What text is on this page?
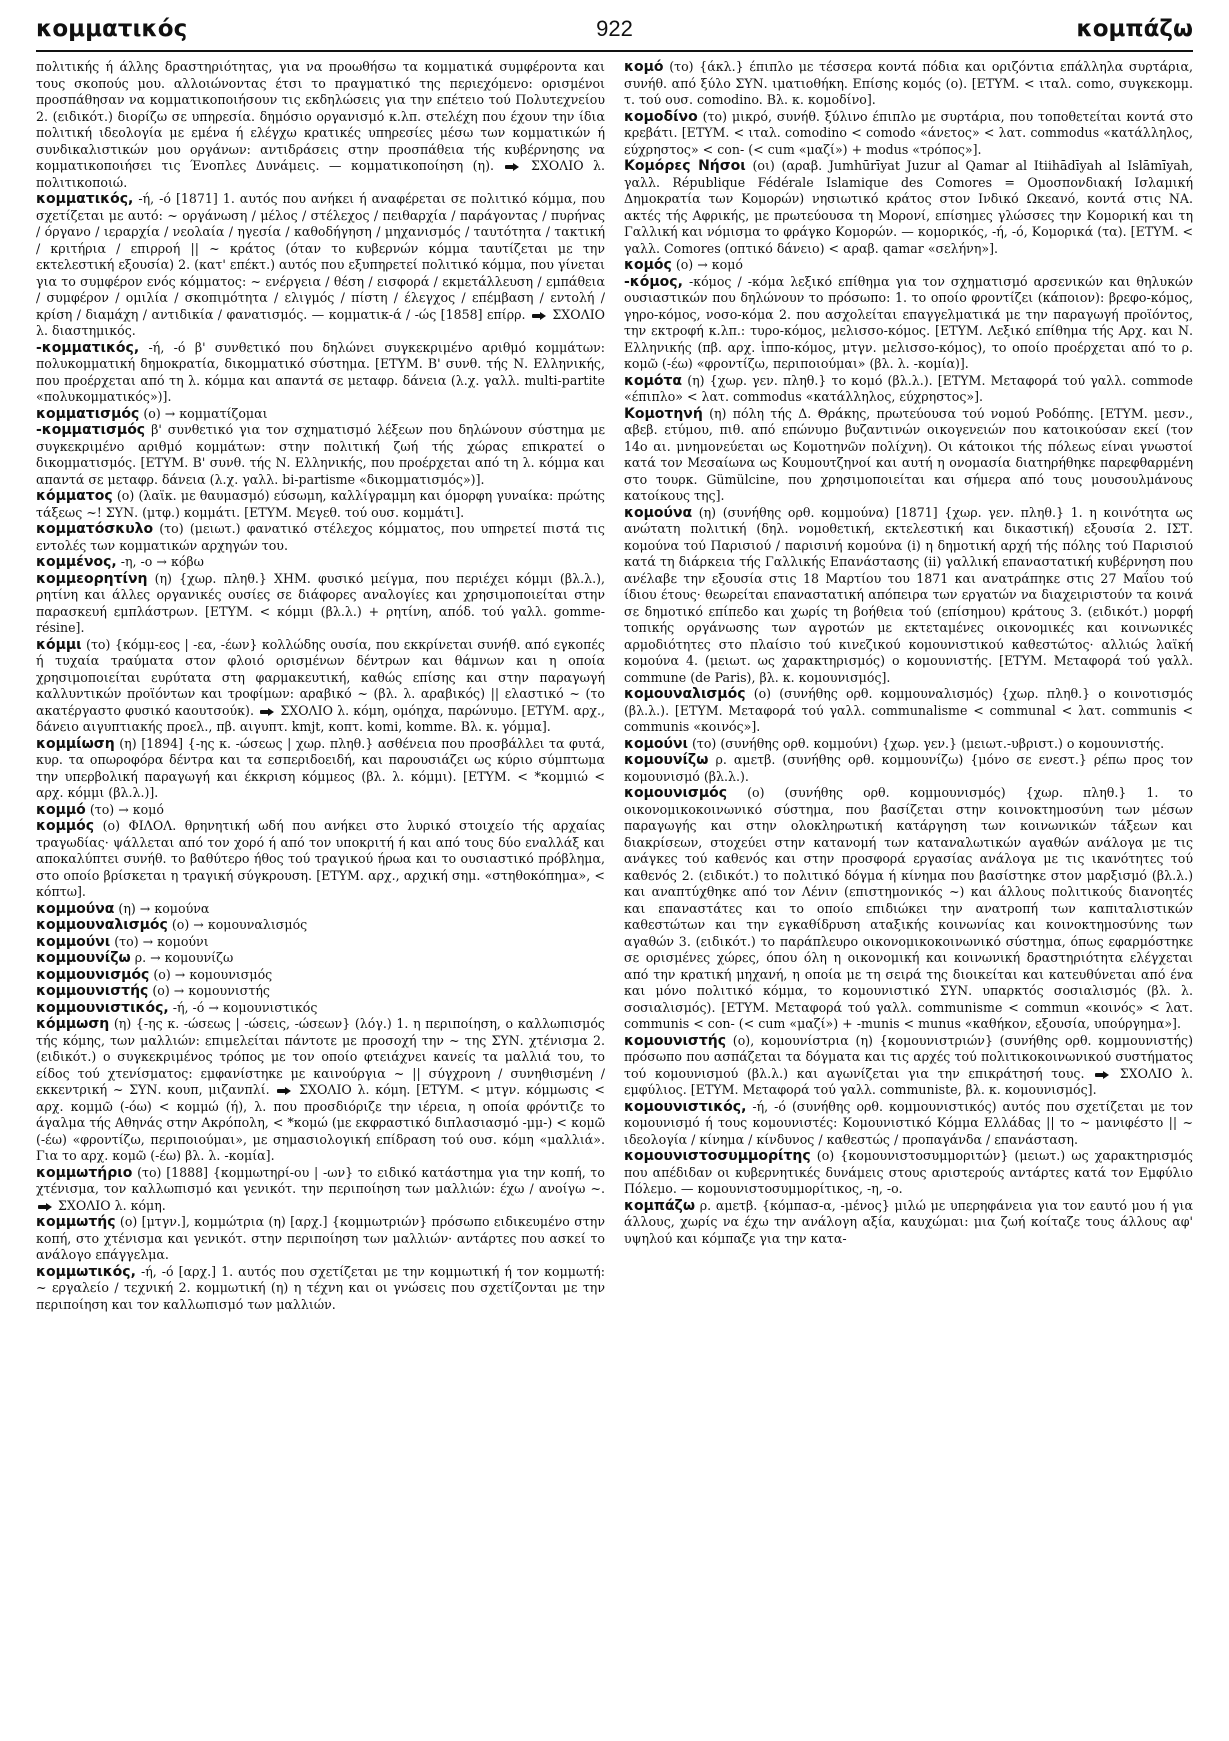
922
κομματικός	κομπάζω

πολιτικής ή άλλης δραστηριότητας, για να προωθήσω τα κομματικά συμφέροντα και τους σκοπούς μου. αλλοιώνοντας έτσι το πραγματικό της περιεχόμενο: ορισμένοι προσπάθησαν να κομματικοποιήσουν τις εκδηλώσεις για την επέτειο τού Πολυτεχνείου 2. (ειδικότ.) διορίζω σε υπηρεσία. δημόσιο οργανισμό κ.λπ. στελέχη που έχουν την ίδια πολιτική ιδεολογία με εμένα ή ελέγχω κρατικές υπηρεσίες μέσω των κομματικών ή συνδικαλιστικών μου οργάνων: αντιδράσεις στην προσπάθεια τής κυβέρνησης να κομματικοποιήσει τις Ένοπλες Δυνάμεις. — κομματικοποίηση (η).  ΣΧΟΛΙΟ λ. πολιτικοποιώ.

κομματικός, -ή, -ό [1871] 1. αυτός που ανήκει ή αναφέρεται σε πολιτικό κόμμα, που σχετίζεται με αυτό: ~ οργάνωση / μέλος / στέλεχος / πειθαρχία / παράγοντας / πυρήνας / όργανο / ιεραρχία / νεολαία / ηγεσία / καθοδήγηση / μηχανισμός / ταυτότητα / τακτική / κριτήρια / επιρροή || ~ κράτος (όταν το κυβερνών κόμμα ταυτίζεται με την εκτελεστική εξουσία) 2. (κατ' επέκτ.) αυτός που εξυπηρετεί πολιτικό κόμμα, που γίνεται για το συμφέρον ενός κόμματος: ~ ενέργεια / θέση / εισφορά / εκμετάλλευση / εμπάθεια / συμφέρον / ομιλία / σκοπιμότητα / ελιγμός / πίστη / έλεγχος / επέμβαση / εντολή / κρίση / διαμάχη / αντιδικία / φανατισμός. — κομματικ-ά / -ώς [1858] επίρρ.  ΣΧΟΛΙΟ λ. διαστημικός.

-κομματικός, -ή, -ό β' συνθετικό που δηλώνει συγκεκριμένο αριθμό κομμάτων: πολυκομματική δημοκρατία, δικομματικό σύστημα. [ΕΤΥΜ. Β' συνθ. τής Ν. Ελληνικής, που προέρχεται από τη λ. κόμμα και απαντά σε μεταφρ. δάνεια (λ.χ. γαλλ. multi-partite «πολυκομματικός»)].

κομματισμός (ο) → κομματίζομαι

-κομματισμός β' συνθετικό για τον σχηματισμό λέξεων που δηλώνουν σύστημα με συγκεκριμένο αριθμό κομμάτων: στην πολιτική ζωή τής χώρας επικρατεί ο δικομματισμός. [ΕΤΥΜ. Β' συνθ. τής Ν. Ελληνικής, που προέρχεται από τη λ. κόμμα και απαντά σε μεταφρ. δάνεια (λ.χ. γαλλ. bi-partisme «δικομματισμός»)].

κόμματος (ο) (λαϊκ. με θαυμασμό) εύσωμη, καλλίγραμμη και όμορφη γυναίκα: πρώτης τάξεως ~! ΣΥΝ. (μτφ.) κομμάτι. [ΕΤΥΜ. Μεγεθ. τού ουσ. κομμάτι].

κομματόσκυλο (το) (μειωτ.) φανατικό στέλεχος κόμματος, που υπηρετεί πιστά τις εντολές των κομματικών αρχηγών του.

κομμένος, -η, -ο → κόβω

κομμεορητίνη (η) {χωρ. πληθ.} ΧΗΜ. φυσικό μείγμα, που περιέχει κόμμι (βλ.λ.), ρητίνη και άλλες οργανικές ουσίες σε διάφορες αναλογίες και χρησιμοποιείται στην παρασκευή εμπλάστρων. [ΕΤΥΜ. < κόμμι (βλ.λ.) + ρητίνη, απόδ. τού γαλλ. gomme-résine].

κόμμι (το) {κόμμ-εος | -εα, -έων} κολλώδης ουσία, που εκκρίνεται συνήθ. από εγκοπές ή τυχαία τραύματα στον φλοιό ορισμένων δέντρων και θάμνων και η οποία χρησιμοποιείται ευρύτατα στη φαρμακευτική, καθώς επίσης και στην παραγωγή καλλυντικών προϊόντων και τροφίμων: αραβικό ~ (βλ. λ. αραβικός) || ελαστικό ~ (το ακατέργαστο φυσικό καουτσούκ).  ΣΧΟΛΙΟ λ. κόμη, ομόηχα, παρώνυμο. [ΕΤΥΜ. αρχ., δάνειο αιγυπτιακής προελ., πβ. αιγυπτ. kmjt, κοπτ. komi, komme. Βλ. κ. γόμμα].

κομμίωση (η) [1894] {-ης κ. -ώσεως | χωρ. πληθ.} ασθένεια που προσβάλλει τα φυτά, κυρ. τα οπωροφόρα δέντρα και τα εσπεριδοειδή, και παρουσιάζει ως κύριο σύμπτωμα την υπερβολική παραγωγή και έκκριση κόμμεος (βλ. λ. κόμμι). [ΕΤΥΜ. < *κομμιώ < αρχ. κόμμι (βλ.λ.)].

κομμό (το) → κομό

κομμός (ο) ΦΙΛΟΛ. θρηνητική ωδή που ανήκει στο λυρικό στοιχείο τής αρχαίας τραγωδίας· ψάλλεται από τον χορό ή από τον υποκριτή ή και από τους δύο εναλλάξ και αποκαλύπτει συνήθ. το βαθύτερο ήθος τού τραγικού ήρωα και το ουσιαστικό πρόβλημα, στο οποίο βρίσκεται η τραγική σύγκρουση. [ΕΤΥΜ. αρχ., αρχική σημ. «στηθοκόπημα», < κόπτω].

κομμούνα (η) → κομούνα

κομμουναλισμός (ο) → κομουναλισμός

κομμούνι (το) → κομούνι

κομμουνίζω ρ. → κομουνίζω

κομμουνισμός (ο) → κομουνισμός

κομμουνιστής (ο) → κομουνιστής

κομμουνιστικός, -ή, -ό → κομουνιστικός

κόμμωση (η) {-ης κ. -ώσεως | -ώσεις, -ώσεων} (λόγ.) 1. η περιποίηση, ο καλλωπισμός τής κόμης, των μαλλιών: επιμελείται πάντοτε με προσοχή την ~ της ΣΥΝ. χτένισμα 2. (ειδικότ.) ο συγκεκριμένος τρόπος με τον οποίο φτειάχνει κανείς τα μαλλιά του, το είδος τού χτενίσματος: εμφανίστηκε με καινούργια ~ || σύγχρονη / συνηθισμένη / εκκεντρική ~ ΣΥΝ. κουπ, μιζανπλί.  ΣΧΟΛΙΟ λ. κόμη. [ΕΤΥΜ. < μτγν. κόμμωσις < αρχ. κομμῶ (-όω) < κομμώ (ή), λ. που προσδιόριζε την ιέρεια, η οποία φρόντιζε το άγαλμα τής Αθηνάς στην Ακρόπολη, < *κομώ (με εκφραστικό διπλασιασμό -μμ-) < κομῶ (-έω) «φροντίζω, περιποιούμαι», με σημασιολογική επίδραση τού ουσ. κόμη «μαλλιά». Για το αρχ. κομῶ (-έω) βλ. λ. -κομία].

κομμωτήριο (το) [1888] {κομμωτηρί-ου | -ων} το ειδικό κατάστημα για την κοπή, το χτένισμα, τον καλλωπισμό και γενικότ. την περιποίηση των μαλλιών: έχω / ανοίγω ~.  ΣΧΟΛΙΟ λ. κόμη.

κομμωτής (ο) [μτγν.], κομμώτρια (η) [αρχ.] {κομμωτριών} πρόσωπο ειδικευμένο στην κοπή, στο χτένισμα και γενικότ. στην περιποίηση των μαλλιών· αντάρτες που ασκεί το ανάλογο επάγγελμα.

κομμωτικός, -ή, -ό [αρχ.] 1. αυτός που σχετίζεται με την κομμωτική ή τον κομμωτή: ~ εργαλείο / τεχνική 2. κομμωτική (η) η τέχνη και οι γνώσεις που σχετίζονται με την περιποίηση και τον καλλωπισμό των μαλλιών.

κομό (το) {άκλ.} έπιπλο με τέσσερα κοντά πόδια και οριζόντια επάλληλα συρτάρια, συνήθ. από ξύλο ΣΥΝ. ιματιοθήκη. Επίσης κομός (ο). [ΕΤΥΜ. < ιταλ. como, συγκεκομμ. τ. τού ουσ. comodino. Βλ. κ. κομοδίνο].

κομοδίνο (το) μικρό, συνήθ. ξύλινο έπιπλο με συρτάρια, που τοποθετείται κοντά στο κρεβάτι. [ΕΤΥΜ. < ιταλ. comodino < comodo «άνετος» < λατ. commodus «κατάλληλος, εύχρηστος» < con- (< cum «μαζί») + modus «τρόπος»].

Κομόρες Νήσοι (οι) (αραβ. Jumhūrīyat Juzur al Qamar al Itiihādīyah al Islāmīyah, γαλλ. République Fédérale Islamique des Comores = Ομοσπονδιακή Ισλαμική Δημοκρατία των Κομορών) νησιωτικό κράτος στον Ινδικό Ωκεανό, κοντά στις ΝΑ. ακτές τής Αφρικής, με πρωτεύουσα τη Μορονί, επίσημες γλώσσες την Κομορική και τη Γαλλική και νόμισμα το φράγκο Κομορών. — κομορικός, -ή, -ό, Κομορικά (τα). [ΕΤΥΜ. < γαλλ. Comores (οπτικό δάνειο) < αραβ. qamar «σελήνη»].

κομός (ο) → κομό

-κόμος, -κόμος / -κόμα λεξικό επίθημα για τον σχηματισμό αρσενικών και θηλυκών ουσιαστικών που δηλώνουν το πρόσωπο: 1. το οποίο φροντίζει (κάποιον): βρεφο-κόμος, γηρο-κόμος, νοσο-κόμα 2. που ασχολείται επαγγελματικά με την παραγωγή προϊόντος, την εκτροφή κ.λπ.: τυρο-κόμος, μελισσο-κόμος. [ΕΤΥΜ. Λεξικό επίθημα τής Αρχ. και Ν. Ελληνικής (πβ. αρχ. ἱππο-κόμος, μτγν. μελισσο-κόμος), το οποίο προέρχεται από το ρ. κομῶ (-έω) «φροντίζω, περιποιούμαι» (βλ. λ. -κομία)].

κομότα (η) {χωρ. γεν. πληθ.} το κομό (βλ.λ.). [ΕΤΥΜ. Μεταφορά τού γαλλ. commode «έπιπλο» < λατ. commodus «κατάλληλος, εύχρηστος»].

Κομοτηνή (η) πόλη τής Δ. Θράκης, πρωτεύουσα τού νομού Ροδόπης. [ΕΤΥΜ. μεσν., αβεβ. ετύμου, πιθ. από επώνυμο βυζαντινών οικογενειών που κατοικούσαν εκεί (τον 14ο αι. μνημονεύεται ως Κομοτηνῶν πολίχνη). Οι κάτοικοι τής πόλεως είναι γνωστοί κατά τον Μεσαίωνα ως Κουμουτζηνοί και αυτή η ονομασία διατηρήθηκε παρεφθαρμένη στο τουρκ. Gümülcine, που χρησιμοποιείται και σήμερα από τους μουσουλμάνους κατοίκους της].

κομούνα (η) (συνήθης ορθ. κομμούνα) [1871] {χωρ. γεν. πληθ.} 1. η κοινότητα ως ανώτατη πολιτική (δηλ. νομοθετική, εκτελεστική και δικαστική) εξουσία 2. ΙΣΤ. κομούνα τού Παρισιού / παρισινή κομούνα (i) η δημοτική αρχή τής πόλης τού Παρισιού κατά τη διάρκεια τής Γαλλικής Επανάστασης (ii) γαλλική επαναστατική κυβέρνηση που ανέλαβε την εξουσία στις 18 Μαρτίου του 1871 και ανατράπηκε στις 27 Μαΐου τού ίδιου έτους· θεωρείται επαναστατική απόπειρα των εργατών να διαχειριστούν τα κοινά σε δημοτικό επίπεδο και χωρίς τη βοήθεια τού (επίσημου) κράτους 3. (ειδικότ.) μορφή τοπικής οργάνωσης των αγροτών με εκτεταμένες οικονομικές και κοινωνικές αρμοδιότητες στο πλαίσιο τού κινεζικού κομουνιστικού καθεστώτος· αλλιώς λαϊκή κομούνα 4. (μειωτ. ως χαρακτηρισμός) ο κομουνιστής. [ΕΤΥΜ. Μεταφορά τού γαλλ. commune (de Paris), βλ. κ. κομουνισμός].

κομουναλισμός (ο) (συνήθης ορθ. κομμουναλισμός) {χωρ. πληθ.} ο κοινοτισμός (βλ.λ.). [ΕΤΥΜ. Μεταφορά τού γαλλ. communalisme < communal < λατ. communis < communis «κοινός»].

κομούνι (το) (συνήθης ορθ. κομμούνι) {χωρ. γεν.} (μειωτ.-υβριστ.) ο κομουνιστής.

κομουνίζω ρ. αμετβ. (συνήθης ορθ. κομμουνίζω) {μόνο σε ενεστ.} ρέπω προς τον κομουνισμό (βλ.λ.).

κομουνισμός (ο) (συνήθης ορθ. κομμουνισμός) {χωρ. πληθ.} 1. το οικονομικοκοινωνικό σύστημα, που βασίζεται στην κοινοκτημοσύνη των μέσων παραγωγής και στην ολοκληρωτική κατάργηση των κοινωνικών τάξεων και διακρίσεων, στοχεύει στην κατανομή των καταναλωτικών αγαθών ανάλογα με τις ανάγκες τού καθενός και στην προσφορά εργασίας ανάλογα με τις ικανότητες τού καθενός 2. (ειδικότ.) το πολιτικό δόγμα ή κίνημα που βασίστηκε στον μαρξισμό (βλ.λ.) και αναπτύχθηκε από τον Λένιν (επιστημονικός ~) και άλλους πολιτικούς διανοητές και επαναστάτες και το οποίο επιδιώκει την ανατροπή των καπιταλιστικών καθεστώτων και την εγκαθίδρυση αταξικής κοινωνίας και κοινοκτημοσύνης των αγαθών 3. (ειδικότ.) το παράπλευρο οικονομικοκοινωνικό σύστημα, όπως εφαρμόστηκε σε ορισμένες χώρες, όπου όλη η οικονομική και κοινωνική δραστηριότητα ελέγχεται από την κρατική μηχανή, η οποία με τη σειρά της διοικείται και κατευθύνεται από ένα και μόνο πολιτικό κόμμα, το κομουνιστικό ΣΥΝ. υπαρκτός σοσιαλισμός (βλ. λ. σοσιαλισμός). [ΕΤΥΜ. Μεταφορά τού γαλλ. communisme < commun «κοινός» < λατ. communis < con- (< cum «μαζί») + -munis < munus «καθήκον, εξουσία, υπούργημα»].

κομουνιστής (ο), κομουνίστρια (η) {κομουνιστριών} (συνήθης ορθ. κομμουνιστής) πρόσωπο που ασπάζεται τα δόγματα και τις αρχές τού πολιτικοκοινωνικού συστήματος τού κομουνισμού (βλ.λ.) και αγωνίζεται για την επικράτησή τους.  ΣΧΟΛΙΟ λ. εμφύλιος. [ΕΤΥΜ. Μεταφορά τού γαλλ. communiste, βλ. κ. κομουνισμός].

κομουνιστικός, -ή, -ό (συνήθης ορθ. κομμουνιστικός) αυτός που σχετίζεται με τον κομουνισμό ή τους κομουνιστές: Κομουνιστικό Κόμμα Ελλάδας || το ~ μανιφέστο || ~ ιδεολογία / κίνημα / κίνδυνος / καθεστώς / προπαγάνδα / επανάσταση.

κομουνιστοσυμμορίτης (ο) {κομουνιστοσυμμοριτών} (μειωτ.) ως χαρακτηρισμός που απέδιδαν οι κυβερνητικές δυνάμεις στους αριστερούς αντάρτες κατά τον Εμφύλιο Πόλεμο. — κομουνιστοσυμμορίτικος, -η, -ο.

κομπάζω ρ. αμετβ. {κόμπασ-α, -μένος} μιλώ με υπερηφάνεια για τον εαυτό μου ή για άλλους, χωρίς να έχω την ανάλογη αξία, καυχώμαι: μια ζωή κοίταζε τους άλλους αφ' υψηλού και κόμπαζε για την κατα-
